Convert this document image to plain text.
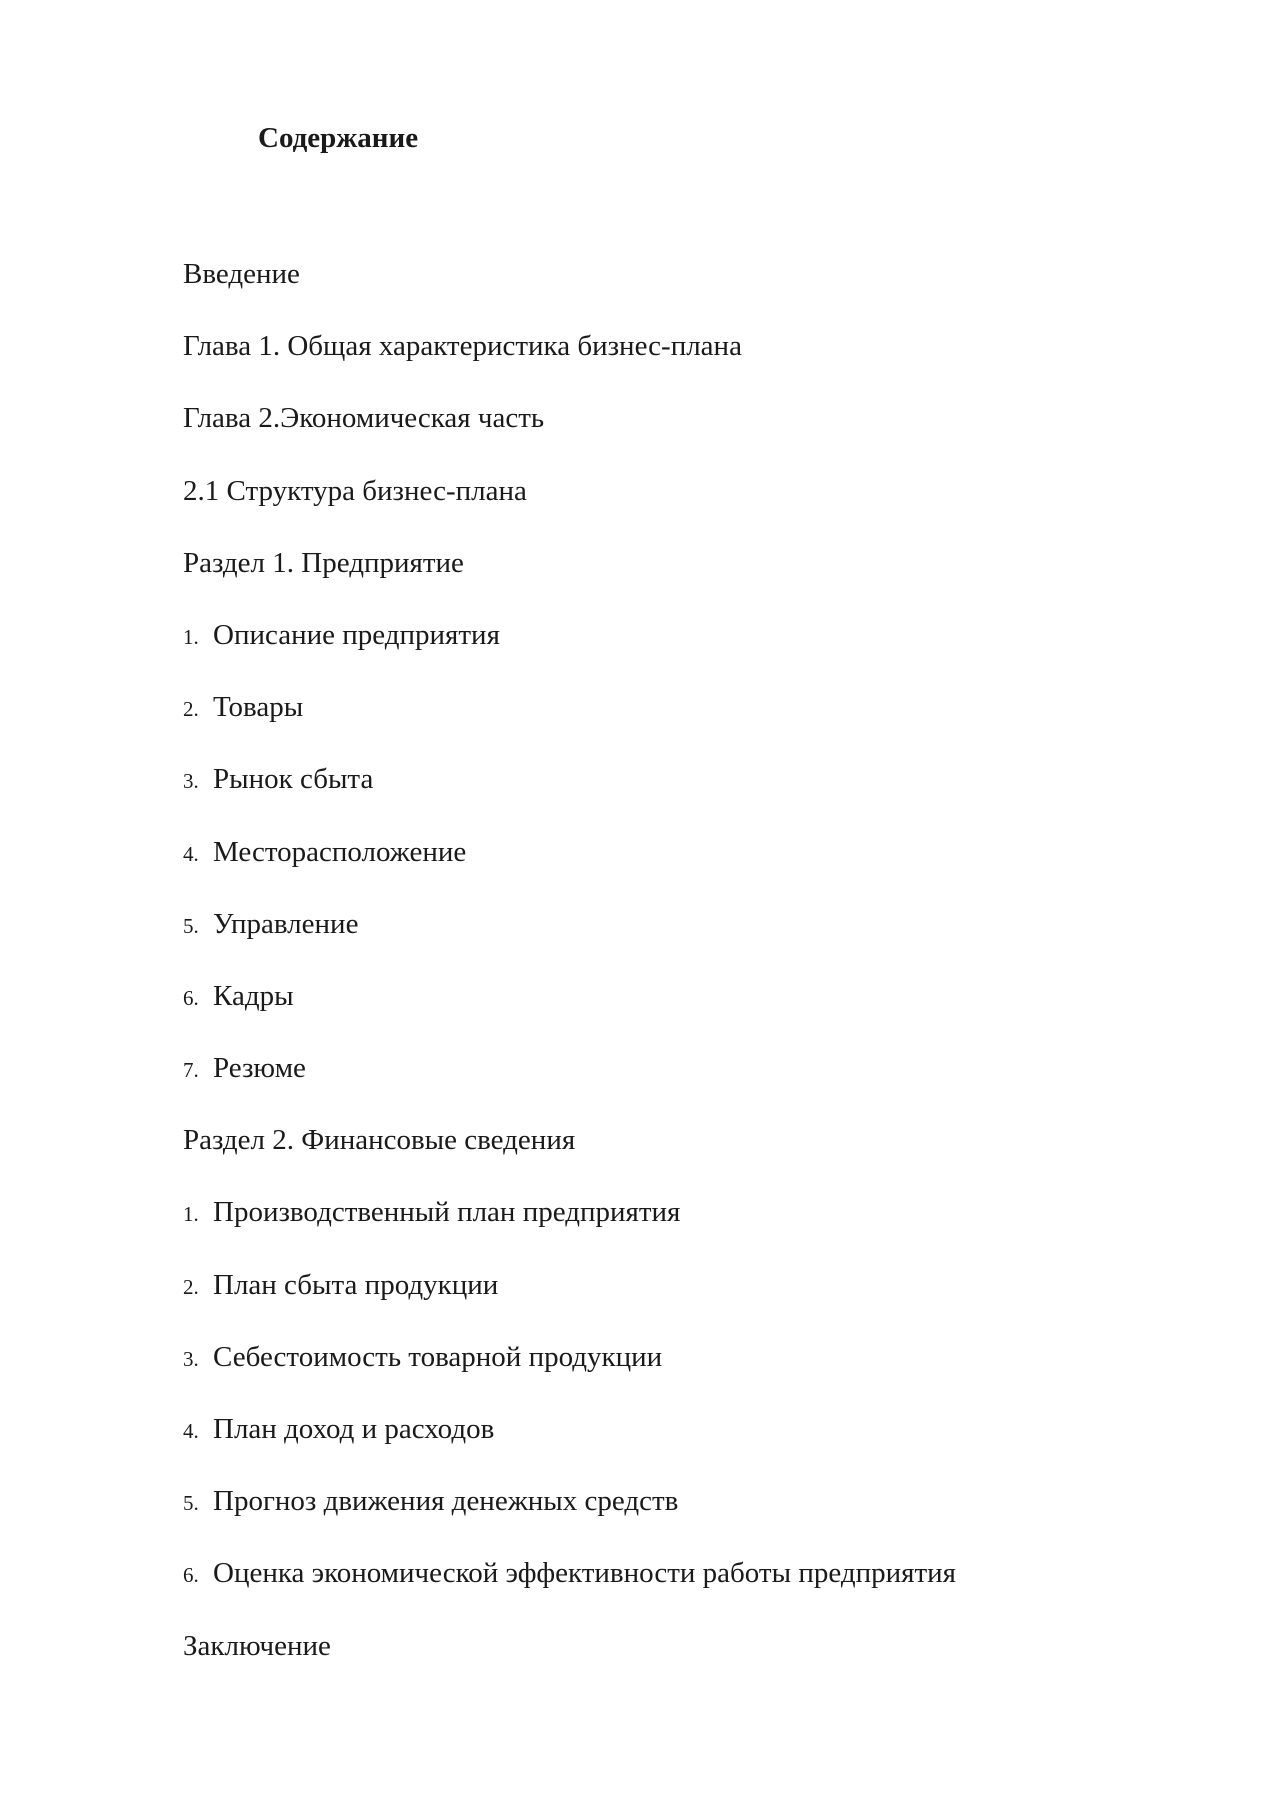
Содержание
Введение
Глава 1. Общая характеристика бизнес-плана
Глава 2.Экономическая часть
2.1 Структура бизнес-плана
Раздел 1. Предприятие
1. Описание предприятия
2. Товары
3. Рынок сбыта
4. Месторасположение
5. Управление
6. Кадры
7. Резюме
Раздел 2. Финансовые сведения
1. Производственный план предприятия
2. План сбыта продукции
3. Себестоимость товарной продукции
4. План доход и расходов
5. Прогноз движения денежных средств
6. Оценка экономической эффективности работы предприятия
Заключение
